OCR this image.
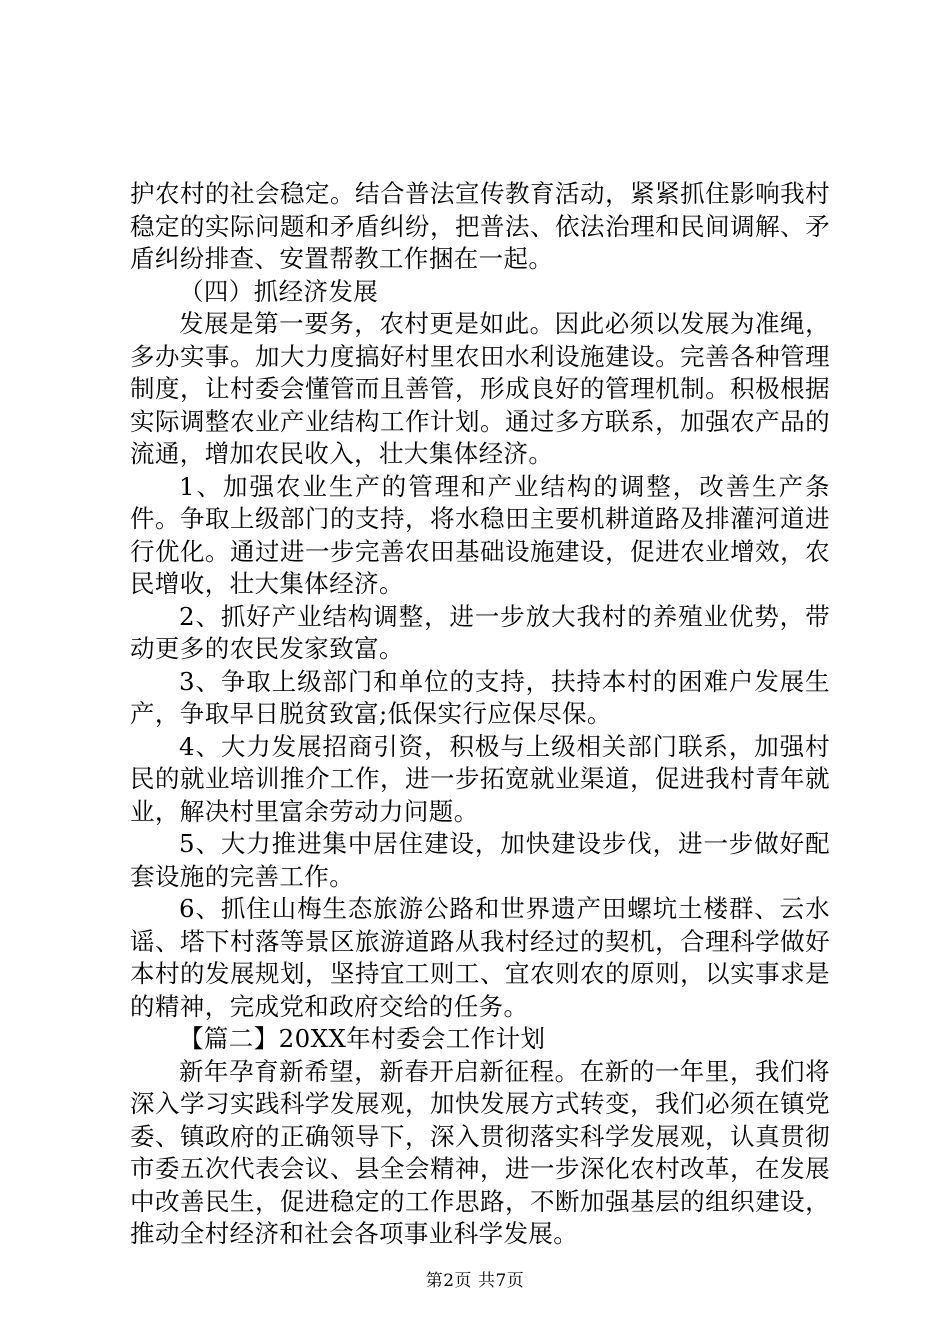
护农村的社会稳定。结合普法宣传教育活动，紧紧抓住影响我村稳定的实际问题和矛盾纠纷，把普法、依法治理和民间调解、矛盾纠纷排查、安置帮教工作捆在一起。

（四）抓经济发展

发展是第一要务，农村更是如此。因此必须以发展为准绳，多办实事。加大力度搞好村里农田水利设施建设。完善各种管理制度，让村委会懂管而且善管，形成良好的管理机制。积极根据实际调整农业产业结构工作计划。通过多方联系，加强农产品的流通，增加农民收入，壮大集体经济。

1、加强农业生产的管理和产业结构的调整，改善生产条件。争取上级部门的支持，将水稳田主要机耕道路及排灌河道进行优化。通过进一步完善农田基础设施建设，促进农业增效，农民增收，壮大集体经济。

2、抓好产业结构调整，进一步放大我村的养殖业优势，带动更多的农民发家致富。

3、争取上级部门和单位的支持，扶持本村的困难户发展生产，争取早日脱贫致富;低保实行应保尽保。

4、大力发展招商引资，积极与上级相关部门联系，加强村民的就业培训推介工作，进一步拓宽就业渠道，促进我村青年就业，解决村里富余劳动力问题。

5、大力推进集中居住建设，加快建设步伐，进一步做好配套设施的完善工作。

6、抓住山梅生态旅游公路和世界遗产田螺坑土楼群、云水谣、塔下村落等景区旅游道路从我村经过的契机，合理科学做好本村的发展规划，坚持宜工则工、宜农则农的原则，以实事求是的精神，完成党和政府交给的任务。

【篇二】20XX年村委会工作计划

新年孕育新希望，新春开启新征程。在新的一年里，我们将深入学习实践科学发展观，加快发展方式转变，我们必须在镇党委、镇政府的正确领导下，深入贯彻落实科学发展观，认真贯彻市委五次代表会议、县全会精神，进一步深化农村改革，在发展中改善民生，促进稳定的工作思路，不断加强基层的组织建设，推动全村经济和社会各项事业科学发展。

第2页 共7页
